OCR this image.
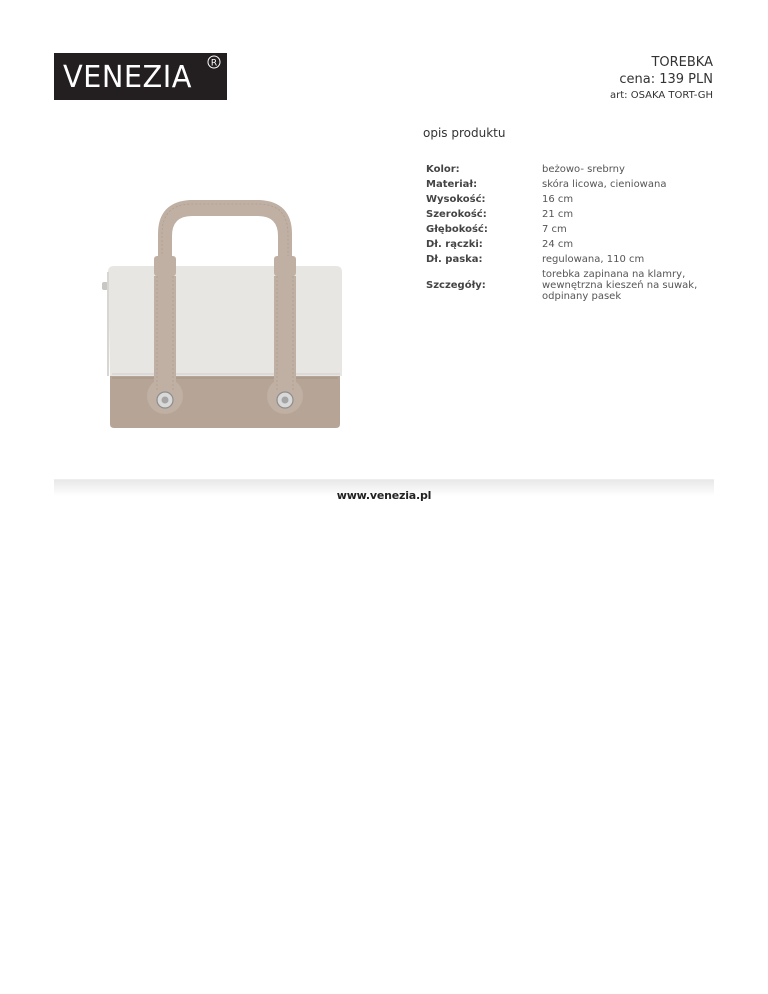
VENEZIA R	TOREBKA
cena: 139 PLN
art: OSAKA TORT-GH
opis produktu
Kolor:	beżowo- srebrny
Materiał:	skóra licowa, cieniowana
Wysokość:	16 cm
Szerokość:	21 cm
Głębokość:	7 cm
Dł. rączki:	24 cm
Dł. paska:	regulowana, 110 cm
Szczegóły:	torebka zapinana na klamry, wewnętrzna kieszeń na suwak, odpinany pasek
www.venezia.pl
